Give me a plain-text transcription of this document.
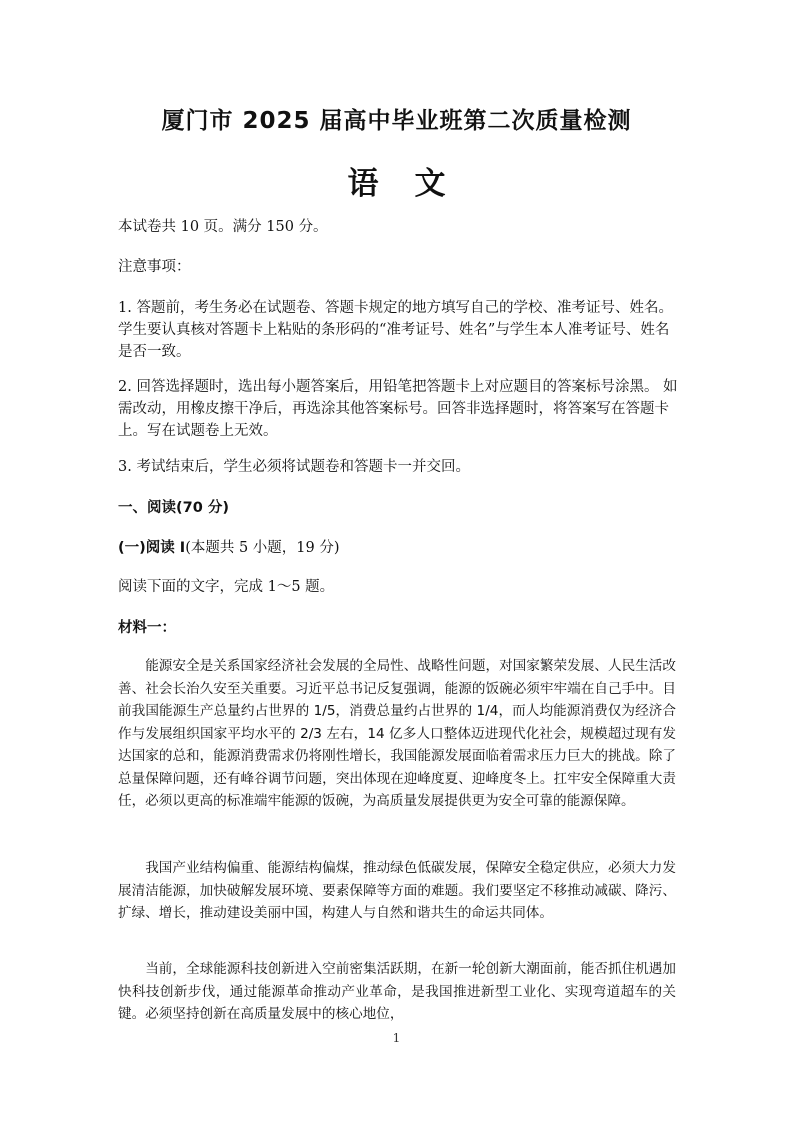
厦门市 2025 届高中毕业班第二次质量检测
语文

本试卷共 10 页。满分 150 分。

注意事项：

1. 答题前，考生务必在试题卷、答题卡规定的地方填写自己的学校、准考证号、姓名。 学生要认真核对答题卡上粘贴的条形码的“准考证号、姓名”与学生本人准考证号、姓名是否一致。

2. 回答选择题时，选出每小题答案后，用铅笔把答题卡上对应题目的答案标号涂黑。 如需改动，用橡皮擦干净后，再选涂其他答案标号。回答非选择题时，将答案写在答题卡上。写在试题卷上无效。

3. 考试结束后，学生必须将试题卷和答题卡一并交回。

一、阅读(70 分)

(一)阅读 Ⅰ(本题共 5 小题，19 分)

阅读下面的文字，完成 1～5 题。

材料一：

能源安全是关系国家经济社会发展的全局性、战略性问题，对国家繁荣发展、人民生活改善、社会长治久安至关重要。习近平总书记反复强调，能源的饭碗必须牢牢端在自己手中。目前我国能源生产总量约占世界的 1/5，消费总量约占世界的 1/4，而人均能源消费仅为经济合作与发展组织国家平均水平的 2/3 左右，14 亿多人口整体迈进现代化社会，规模超过现有发达国家的总和，能源消费需求仍将刚性增长，我国能源发展面临着需求压力巨大的挑战。除了总量保障问题，还有峰谷调节问题，突出体现在迎峰度夏、迎峰度冬上。扛牢安全保障重大责任，必须以更高的标准端牢能源的饭碗，为高质量发展提供更为安全可靠的能源保障。

我国产业结构偏重、能源结构偏煤，推动绿色低碳发展，保障安全稳定供应，必须大力发展清洁能源，加快破解发展环境、要素保障等方面的难题。我们要坚定不移推动减碳、降污、扩绿、增长，推动建设美丽中国，构建人与自然和谐共生的命运共同体。

当前，全球能源科技创新进入空前密集活跃期，在新一轮创新大潮面前，能否抓住机遇加快科技创新步伐，通过能源革命推动产业革命，是我国推进新型工业化、实现弯道超车的关键。必须坚持创新在高质量发展中的核心地位，

1
